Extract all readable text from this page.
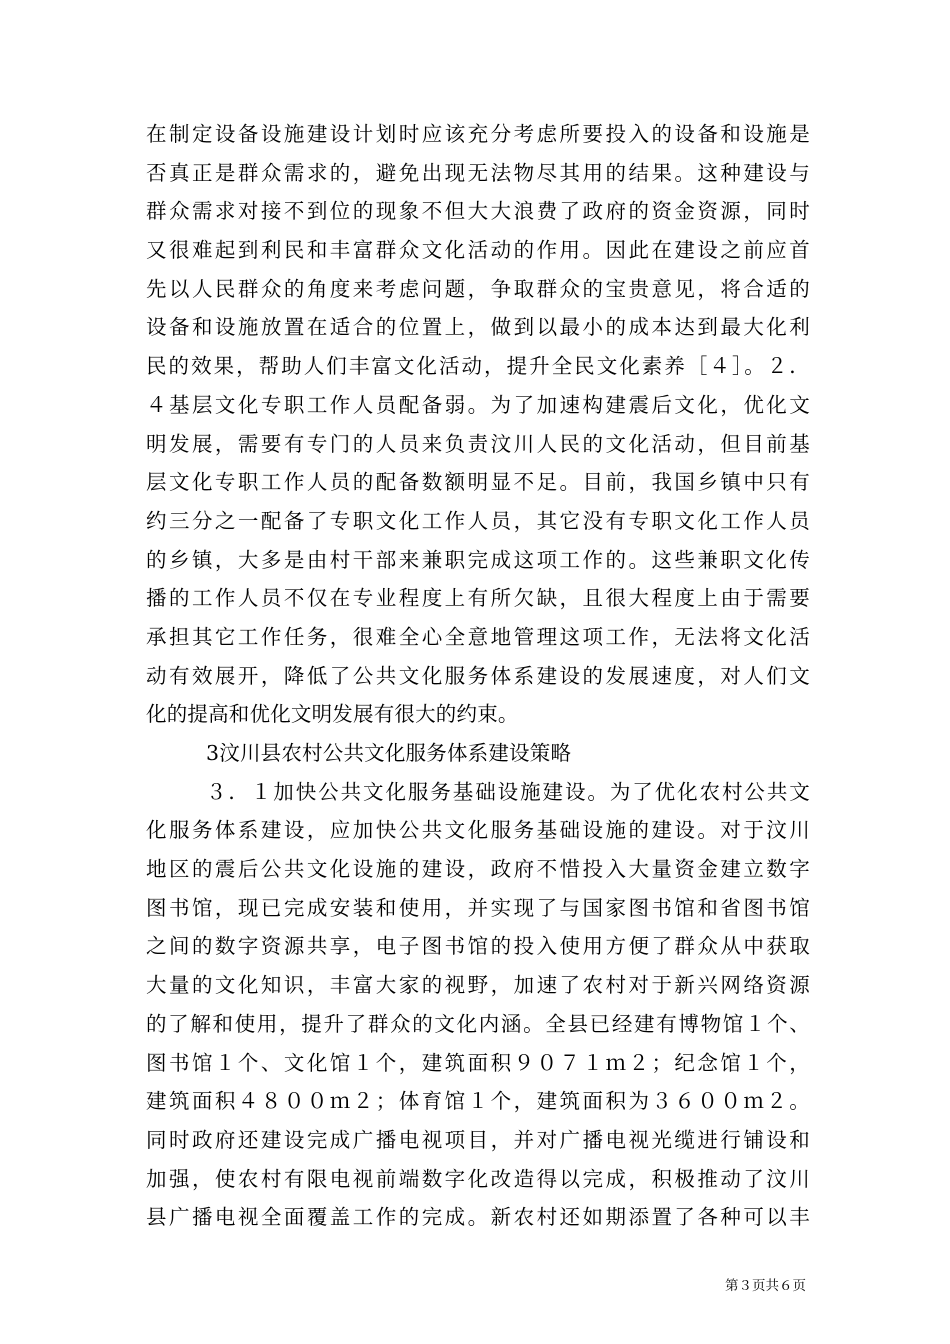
在制定设备设施建设计划时应该充分考虑所要投入的设备和设施是
否真正是群众需求的，避免出现无法物尽其用的结果。这种建设与
群众需求对接不到位的现象不但大大浪费了政府的资金资源，同时
又很难起到利民和丰富群众文化活动的作用。因此在建设之前应首
先以人民群众的角度来考虑问题，争取群众的宝贵意见，将合适的
设备和设施放置在适合的位置上，做到以最小的成本达到最大化利
民的效果，帮助人们丰富文化活动，提升全民文化素养［４］。２．
４基层文化专职工作人员配备弱。为了加速构建震后文化，优化文
明发展，需要有专门的人员来负责汶川人民的文化活动，但目前基
层文化专职工作人员的配备数额明显不足。目前，我国乡镇中只有
约三分之一配备了专职文化工作人员，其它没有专职文化工作人员
的乡镇，大多是由村干部来兼职完成这项工作的。这些兼职文化传
播的工作人员不仅在专业程度上有所欠缺，且很大程度上由于需要
承担其它工作任务，很难全心全意地管理这项工作，无法将文化活
动有效展开，降低了公共文化服务体系建设的发展速度，对人们文
化的提高和优化文明发展有很大的约束。
3汶川县农村公共文化服务体系建设策略
３．１加快公共文化服务基础设施建设。为了优化农村公共文
化服务体系建设，应加快公共文化服务基础设施的建设。对于汶川
地区的震后公共文化设施的建设，政府不惜投入大量资金建立数字
图书馆，现已完成安装和使用，并实现了与国家图书馆和省图书馆
之间的数字资源共享，电子图书馆的投入使用方便了群众从中获取
大量的文化知识，丰富大家的视野，加速了农村对于新兴网络资源
的了解和使用，提升了群众的文化内涵。全县已经建有博物馆１个、
图书馆１个、文化馆１个，建筑面积９０７１ｍ２；纪念馆１个，
建筑面积４８００ｍ２；体育馆１个，建筑面积为３６００ｍ２。
同时政府还建设完成广播电视项目，并对广播电视光缆进行铺设和
加强，使农村有限电视前端数字化改造得以完成，积极推动了汶川
县广播电视全面覆盖工作的完成。新农村还如期添置了各种可以丰
第３页共６页
